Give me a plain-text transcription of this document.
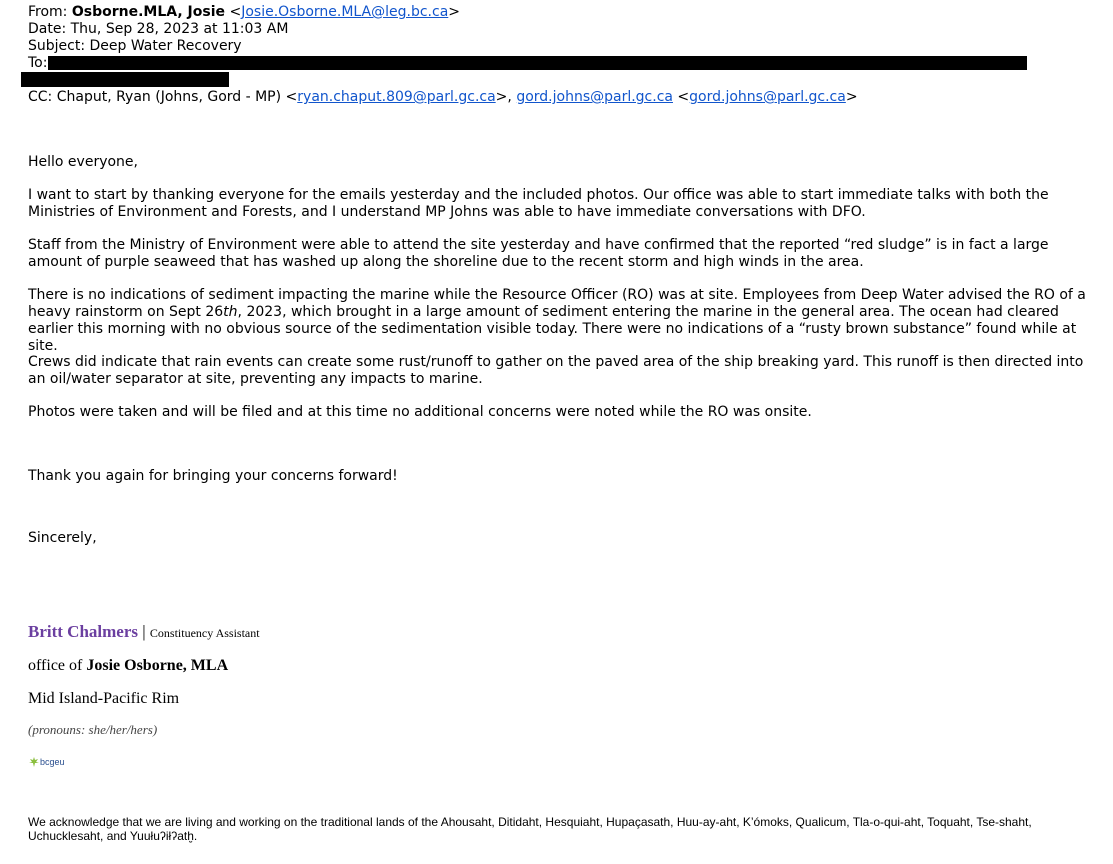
From: Osborne.MLA, Josie <Josie.Osborne.MLA@leg.bc.ca>
Date: Thu, Sep 28, 2023 at 11:03 AM
Subject: Deep Water Recovery
To:
CC: Chaput, Ryan (Johns, Gord - MP) <ryan.chaput.809@parl.gc.ca>, gord.johns@parl.gc.ca <gord.johns@parl.gc.ca>
Hello everyone,
I want to start by thanking everyone for the emails yesterday and the included photos. Our office was able to start immediate talks with both the Ministries of Environment and Forests, and I understand MP Johns was able to have immediate conversations with DFO.
Staff from the Ministry of Environment were able to attend the site yesterday and have confirmed that the reported “red sludge” is in fact a large amount of purple seaweed that has washed up along the shoreline due to the recent storm and high winds in the area.
There is no indications of sediment impacting the marine while the Resource Officer (RO) was at site. Employees from Deep Water advised the RO of a heavy rainstorm on Sept 26th, 2023, which brought in a large amount of sediment entering the marine in the general area. The ocean had cleared earlier this morning with no obvious source of the sedimentation visible today. There were no indications of a “rusty brown substance” found while at site.
Crews did indicate that rain events can create some rust/runoff to gather on the paved area of the ship breaking yard. This runoff is then directed into an oil/water separator at site, preventing any impacts to marine.
Photos were taken and will be filed and at this time no additional concerns were noted while the RO was onsite.
Thank you again for bringing your concerns forward!
Sincerely,
Britt Chalmers | Constituency Assistant
office of Josie Osborne, MLA
Mid Island-Pacific Rim
(pronouns: she/her/hers)
bcgeu
We acknowledge that we are living and working on the traditional lands of the Ahousaht, Ditidaht, Hesquiaht, Hupaçasath, Huu-ay-aht, K’ómoks, Qualicum, Tla-o-qui-aht, Toquaht, Tse-shaht, Uchucklesaht, and Yuułuʔiłʔatḫ.
